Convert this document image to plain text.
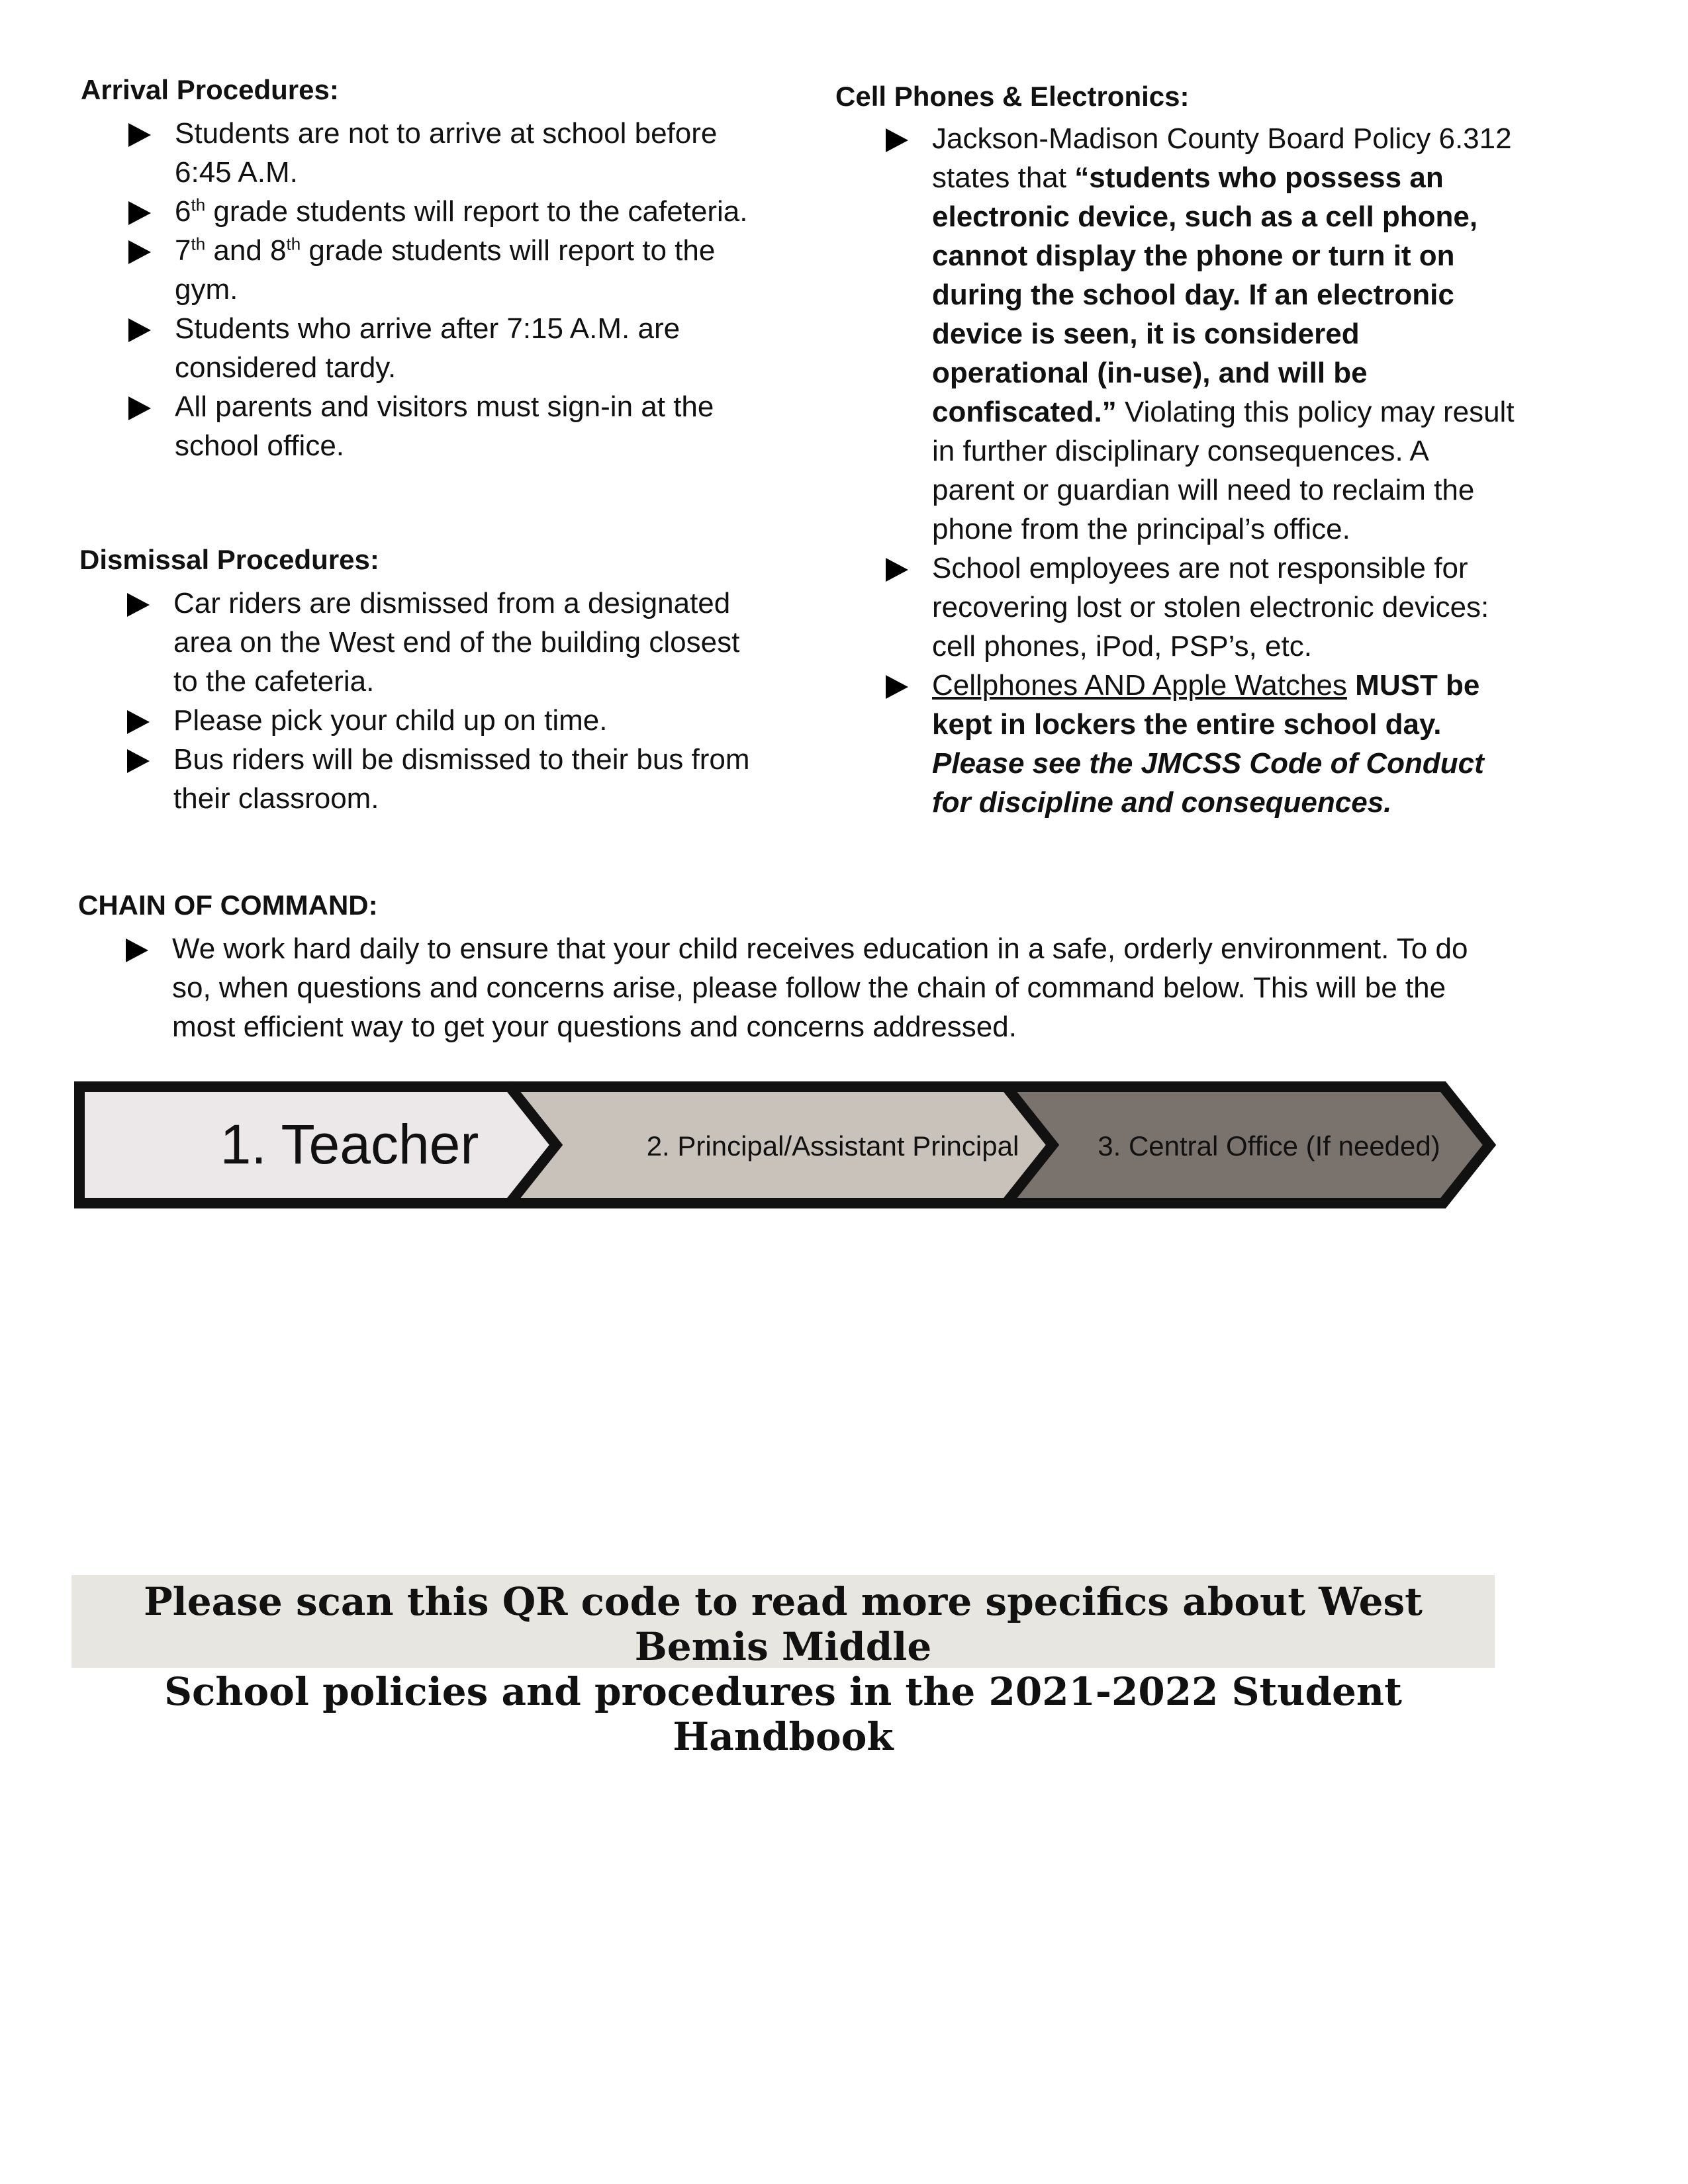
Arrival Procedures:

Students are not to arrive at school before 6:45 A.M.
6th grade students will report to the cafeteria.
7th and 8th grade students will report to the gym.
Students who arrive after 7:15 A.M. are considered tardy.
All parents and visitors must sign-in at the school office.

Dismissal Procedures:

Car riders are dismissed from a designated area on the West end of the building closest to the cafeteria.
Please pick your child up on time.
Bus riders will be dismissed to their bus from their classroom.

Cell Phones & Electronics:

Jackson-Madison County Board Policy 6.312 states that “students who possess an electronic device, such as a cell phone, cannot display the phone or turn it on during the school day. If an electronic device is seen, it is considered operational (in-use), and will be confiscated.” Violating this policy may result in further disciplinary consequences. A parent or guardian will need to reclaim the phone from the principal’s office.
School employees are not responsible for recovering lost or stolen electronic devices: cell phones, iPod, PSP’s, etc.
Cellphones AND Apple Watches MUST be kept in lockers the entire school day.
Please see the JMCSS Code of Conduct for discipline and consequences.

CHAIN OF COMMAND:

We work hard daily to ensure that your child receives education in a safe, orderly environment. To do so, when questions and concerns arise, please follow the chain of command below. This will be the most efficient way to get your questions and concerns addressed.
1. Teacher	2. Principal/Assistant Principal	3. Central Office (If needed)
Please scan this QR code to read more specifics about West Bemis Middle
School policies and procedures in the 2021-2022 Student Handbook
